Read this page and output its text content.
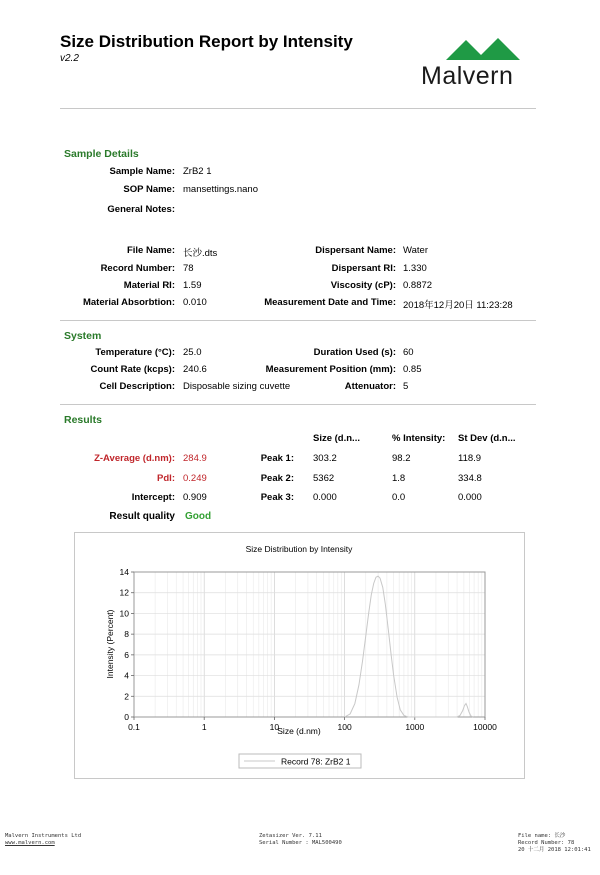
Size Distribution Report by Intensity
v2.2
Malvern
Sample Details
Sample Name: ZrB2 1
SOP Name: mansettings.nano
General Notes:
File Name: 长沙.dts	Dispersant Name: Water
Record Number: 78	Dispersant RI: 1.330
Material RI: 1.59	Viscosity (cP): 0.8872
Material Absorbtion: 0.010	Measurement Date and Time: 2018年12月20日 11:23:28
System
Temperature (°C): 25.0	Duration Used (s): 60
Count Rate (kcps): 240.6	Measurement Position (mm): 0.85
Cell Description: Disposable sizing cuvette	Attenuator: 5
Results
Size (d.n...	% Intensity: St Dev (d.n...
Z-Average (d.nm): 284.9	Peak 1: 303.2	98.2	118.9
PdI: 0.249	Peak 2: 5362	1.8	334.8
Intercept: 0.909	Peak 3: 0.000	0.0	0.000
Result quality Good
Size Distribution by Intensity
0.1	1	10	100	1000	10000
0
2
4
6
8
10
12
14
Size (d.nm)
Intensity (Percent)
Record 78: ZrB2 1
Malvern Instruments Ltd
www.malvern.com
Zetasizer Ver. 7.11
Serial Number : MAL500490
File name: 长沙
Record Number: 78
20 十二月 2018 12:01:41
